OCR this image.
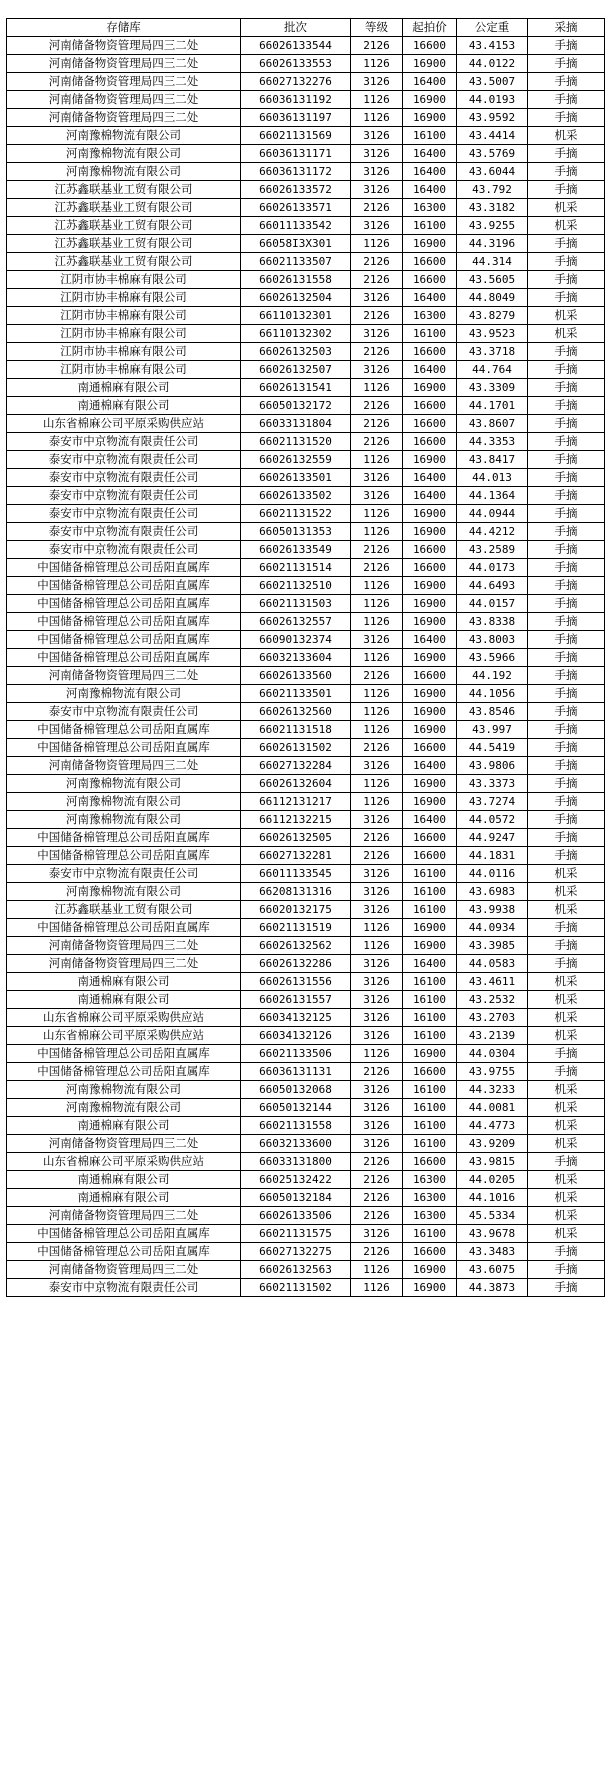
存储库	批次	等级	起拍价	公定重	采摘
河南储备物资管理局四三二处	66026133544	2126	16600	43.4153	手摘
河南储备物资管理局四三二处	66026133553	1126	16900	44.0122	手摘
河南储备物资管理局四三二处	66027132276	3126	16400	43.5007	手摘
河南储备物资管理局四三二处	66036131192	1126	16900	44.0193	手摘
河南储备物资管理局四三二处	66036131197	1126	16900	43.9592	手摘
河南豫棉物流有限公司	66021131569	3126	16100	43.4414	机采
河南豫棉物流有限公司	66036131171	3126	16400	43.5769	手摘
河南豫棉物流有限公司	66036131172	3126	16400	43.6044	手摘
江苏鑫联基业工贸有限公司	66026133572	3126	16400	43.792	手摘
江苏鑫联基业工贸有限公司	66026133571	2126	16300	43.3182	机采
江苏鑫联基业工贸有限公司	66011133542	3126	16100	43.9255	机采
江苏鑫联基业工贸有限公司	66058I3X301	1126	16900	44.3196	手摘
江苏鑫联基业工贸有限公司	66021133507	2126	16600	44.314	手摘
江阴市协丰棉麻有限公司	66026131558	2126	16600	43.5605	手摘
江阴市协丰棉麻有限公司	66026132504	3126	16400	44.8049	手摘
江阴市协丰棉麻有限公司	66110132301	2126	16300	43.8279	机采
江阴市协丰棉麻有限公司	66110132302	3126	16100	43.9523	机采
江阴市协丰棉麻有限公司	66026132503	2126	16600	43.3718	手摘
江阴市协丰棉麻有限公司	66026132507	3126	16400	44.764	手摘
南通棉麻有限公司	66026131541	1126	16900	43.3309	手摘
南通棉麻有限公司	66050132172	2126	16600	44.1701	手摘
山东省棉麻公司平原采购供应站	66033131804	2126	16600	43.8607	手摘
泰安市中京物流有限责任公司	66021131520	2126	16600	44.3353	手摘
泰安市中京物流有限责任公司	66026132559	1126	16900	43.8417	手摘
泰安市中京物流有限责任公司	66026133501	3126	16400	44.013	手摘
泰安市中京物流有限责任公司	66026133502	3126	16400	44.1364	手摘
泰安市中京物流有限责任公司	66021131522	1126	16900	44.0944	手摘
泰安市中京物流有限责任公司	66050131353	1126	16900	44.4212	手摘
泰安市中京物流有限责任公司	66026133549	2126	16600	43.2589	手摘
中国储备棉管理总公司岳阳直属库	66021131514	2126	16600	44.0173	手摘
中国储备棉管理总公司岳阳直属库	66021132510	1126	16900	44.6493	手摘
中国储备棉管理总公司岳阳直属库	66021131503	1126	16900	44.0157	手摘
中国储备棉管理总公司岳阳直属库	66026132557	1126	16900	43.8338	手摘
中国储备棉管理总公司岳阳直属库	66090132374	3126	16400	43.8003	手摘
中国储备棉管理总公司岳阳直属库	66032133604	1126	16900	43.5966	手摘
河南储备物资管理局四三二处	66026133560	2126	16600	44.192	手摘
河南豫棉物流有限公司	66021133501	1126	16900	44.1056	手摘
泰安市中京物流有限责任公司	66026132560	1126	16900	43.8546	手摘
中国储备棉管理总公司岳阳直属库	66021131518	1126	16900	43.997	手摘
中国储备棉管理总公司岳阳直属库	66026131502	2126	16600	44.5419	手摘
河南储备物资管理局四三二处	66027132284	3126	16400	43.9806	手摘
河南豫棉物流有限公司	66026132604	1126	16900	43.3373	手摘
河南豫棉物流有限公司	66112131217	1126	16900	43.7274	手摘
河南豫棉物流有限公司	66112132215	3126	16400	44.0572	手摘
中国储备棉管理总公司岳阳直属库	66026132505	2126	16600	44.9247	手摘
中国储备棉管理总公司岳阳直属库	66027132281	2126	16600	44.1831	手摘
泰安市中京物流有限责任公司	66011133545	3126	16100	44.0116	机采
河南豫棉物流有限公司	66208131316	3126	16100	43.6983	机采
江苏鑫联基业工贸有限公司	66020132175	3126	16100	43.9938	机采
中国储备棉管理总公司岳阳直属库	66021131519	1126	16900	44.0934	手摘
河南储备物资管理局四三二处	66026132562	1126	16900	43.3985	手摘
河南储备物资管理局四三二处	66026132286	3126	16400	44.0583	手摘
南通棉麻有限公司	66026131556	3126	16100	43.4611	机采
南通棉麻有限公司	66026131557	3126	16100	43.2532	机采
山东省棉麻公司平原采购供应站	66034132125	3126	16100	43.2703	机采
山东省棉麻公司平原采购供应站	66034132126	3126	16100	43.2139	机采
中国储备棉管理总公司岳阳直属库	66021133506	1126	16900	44.0304	手摘
中国储备棉管理总公司岳阳直属库	66036131131	2126	16600	43.9755	手摘
河南豫棉物流有限公司	66050132068	3126	16100	44.3233	机采
河南豫棉物流有限公司	66050132144	3126	16100	44.0081	机采
南通棉麻有限公司	66021131558	3126	16100	44.4773	机采
河南储备物资管理局四三二处	66032133600	3126	16100	43.9209	机采
山东省棉麻公司平原采购供应站	66033131800	2126	16600	43.9815	手摘
南通棉麻有限公司	66025132422	2126	16300	44.0205	机采
南通棉麻有限公司	66050132184	2126	16300	44.1016	机采
河南储备物资管理局四三二处	66026133506	2126	16300	45.5334	机采
中国储备棉管理总公司岳阳直属库	66021131575	3126	16100	43.9678	机采
中国储备棉管理总公司岳阳直属库	66027132275	2126	16600	43.3483	手摘
河南储备物资管理局四三二处	66026132563	1126	16900	43.6075	手摘
泰安市中京物流有限责任公司	66021131502	1126	16900	44.3873	手摘
